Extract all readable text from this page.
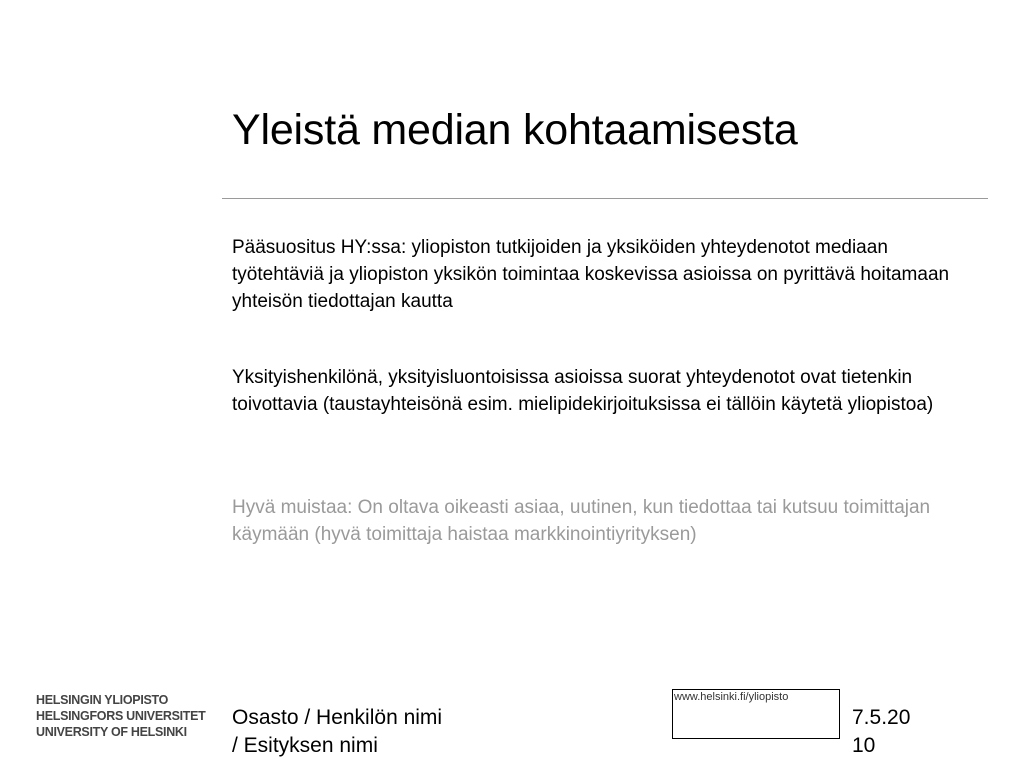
Yleistä median kohtaamisesta
Pääsuositus HY:ssa: yliopiston tutkijoiden ja yksiköiden yhteydenotot mediaan työtehtäviä ja yliopiston yksikön toimintaa koskevissa asioissa on pyrittävä hoitamaan yhteisön tiedottajan kautta
Yksityishenkilönä, yksityisluontoisissa asioissa suorat yhteydenotot ovat tietenkin toivottavia (taustayhteisönä esim. mielipidekirjoituksissa ei tällöin käytetä yliopistoa)
Hyvä muistaa: On oltava oikeasti asiaa, uutinen, kun tiedottaa tai kutsuu toimittajan käymään (hyvä toimittaja haistaa markkinointiyrityksen)
HELSINGIN YLIOPISTO
HELSINGFORS UNIVERSITET
UNIVERSITY OF HELSINKI
Osasto / Henkilön nimi
/ Esityksen nimi
www.helsinki.fi/yliopisto
7.5.20
10
